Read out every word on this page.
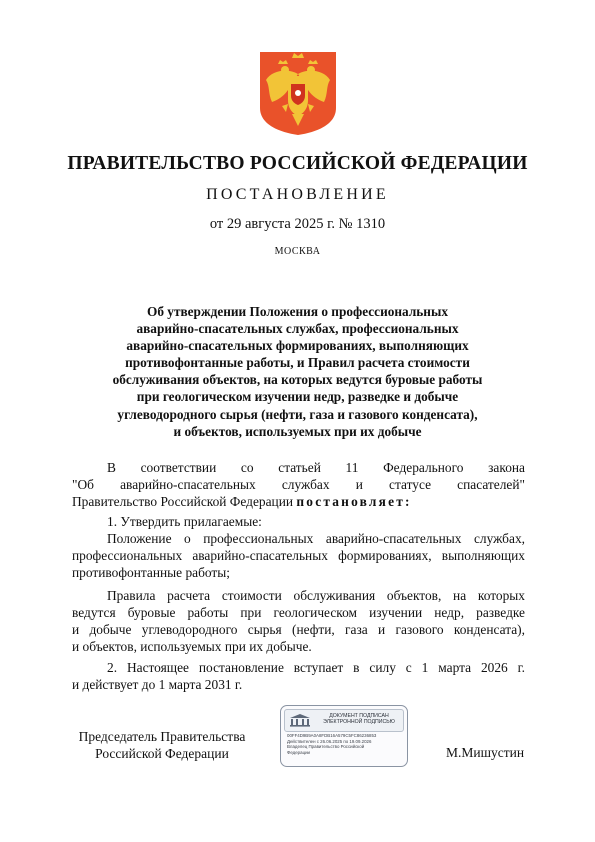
ПРАВИТЕЛЬСТВО РОССИЙСКОЙ ФЕДЕРАЦИИ
ПОСТАНОВЛЕНИЕ
от 29 августа 2025 г. № 1310
МОСКВА
Об утверждении Положения о профессиональных
аварийно-спасательных службах, профессиональных
аварийно-спасательных формированиях, выполняющих
противофонтанные работы, и Правил расчета стоимости
обслуживания объектов, на которых ведутся буровые работы
при геологическом изучении недр, разведке и добыче
углеводородного сырья (нефти, газа и газового конденсата),
и объектов, используемых при их добыче
В соответствии со статьей 11 Федерального закона
"Об аварийно-спасательных службах и статусе спасателей"
Правительство Российской Федерации постановляет:
1. Утвердить прилагаемые:
Положение о профессиональных аварийно-спасательных службах,
профессиональных аварийно-спасательных формированиях, выполняющих
противофонтанные работы;
Правила расчета стоимости обслуживания объектов, на которых
ведутся буровые работы при геологическом изучении недр, разведке
и добыче углеводородного сырья (нефти, газа и газового конденсата),
и объектов, используемых при их добыче.
2. Настоящее постановление вступает в силу с 1 марта 2026 г.
и действует до 1 марта 2031 г.
Председатель Правительства
Российской Федерации
ДОКУМЕНТ ПОДПИСАН
ЭЛЕКТРОННОЙ ПОДПИСЬЮ
00FF4D9B9A0A8FDB16A579C5FC86236853
Действителен с 26.06.2025 по 19.09.2026
Владелец Правительство Российской
Федерации	М.Мишустин
